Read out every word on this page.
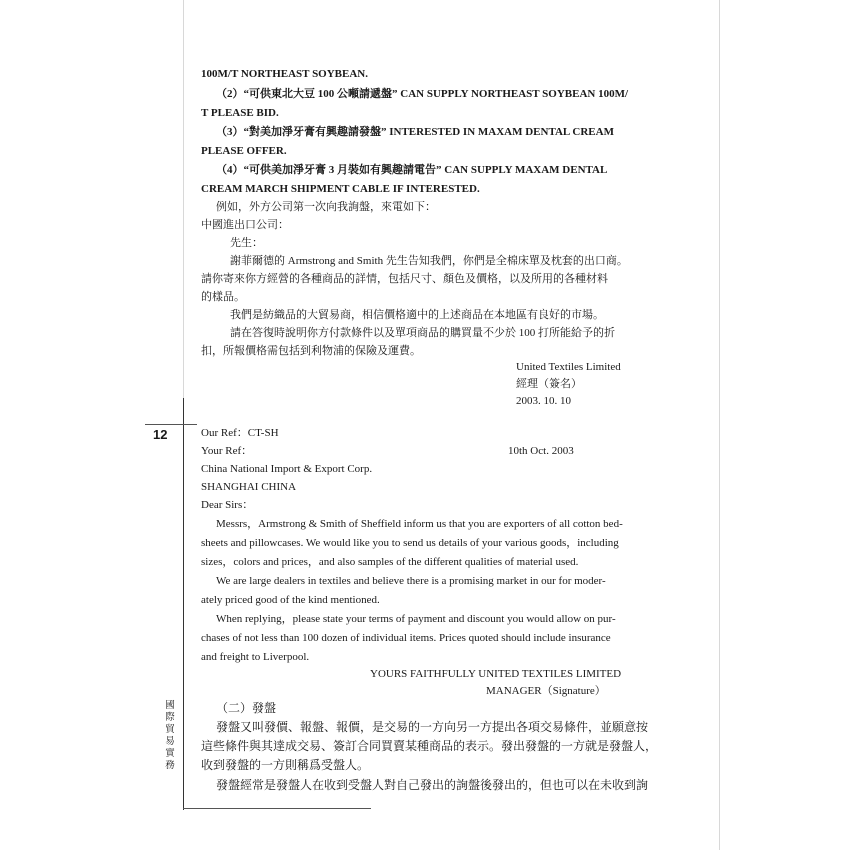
12
國際貿易實務
100M/T NORTHEAST SOYBEAN.
（2）“可供東北大豆 100 公噸請遞盤” CAN SUPPLY NORTHEAST SOYBEAN 100M/
T PLEASE BID.
（3）“對美加淨牙膏有興趣請發盤” INTERESTED IN MAXAM DENTAL CREAM
PLEASE OFFER.
（4）“可供美加淨牙膏 3 月裝如有興趣請電告” CAN SUPPLY MAXAM DENTAL
CREAM MARCH SHIPMENT CABLE IF INTERESTED.
例如，外方公司第一次向我詢盤，來電如下：
中國進出口公司：
先生：
謝菲爾德的 Armstrong and Smith 先生告知我們，你們是全棉床單及枕套的出口商。
請你寄來你方經營的各種商品的詳情，包括尺寸、顏色及價格，以及所用的各種材料
的樣品。
我們是紡織品的大貿易商，相信價格適中的上述商品在本地區有良好的市場。
請在答復時說明你方付款條件以及單項商品的購買量不少於 100 打所能給予的折
扣，所報價格需包括到利物浦的保險及運費。
United Textiles Limited
經理（簽名）
2003. 10. 10
Our Ref：CT-SH
Your Ref：	10th Oct. 2003
China National Import & Export Corp.
SHANGHAI CHINA
Dear Sirs：
Messrs，Armstrong & Smith of Sheffield inform us that you are exporters of all cotton bed-
sheets and pillowcases. We would like you to send us details of your various goods，including
sizes，colors and prices，and also samples of the different qualities of material used.
We are large dealers in textiles and believe there is a promising market in our for moder-
ately priced good of the kind mentioned.
When replying，please state your terms of payment and discount you would allow on pur-
chases of not less than 100 dozen of individual items. Prices quoted should include insurance
and freight to Liverpool.
YOURS FAITHFULLY UNITED TEXTILES LIMITED
MANAGER（Signature）
（二）發盤
發盤又叫發價、報盤、報價，是交易的一方向另一方提出各項交易條件，並願意按
這些條件與其達成交易、簽訂合同買賣某種商品的表示。發出發盤的一方就是發盤人，
收到發盤的一方則稱爲受盤人。
發盤經常是發盤人在收到受盤人對自己發出的詢盤後發出的，但也可以在未收到詢
